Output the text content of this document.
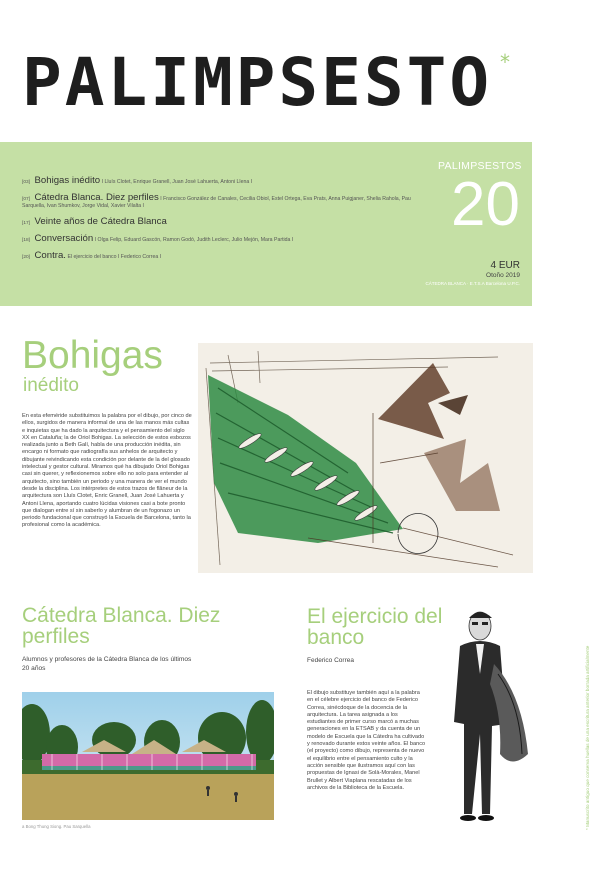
PALIMPSESTO *
[03] Bohigas inédito I Lluís Clotet, Enrique Granell, Juan José Lahuerta, Antoni Llena I
[07] Cátedra Blanca. Diez perfiles I Francisco González de Canales, Cecilia Obiol, Estel Ortega, Eva Prats, Anna Puigjaner, Shelia Rahola, Pau Sarquella, Ivan Shumkov, Jorge Vidal, Xavier Vilalta I
[17] Veinte años de Cátedra Blanca
[18] Conversación I Olga Felip, Eduard Gascón, Ramon Godó, Judith Leclerc, Julio Mejón, Mara Partida I
[20] Contra. El ejercicio del banco I Federico Correa I
PALIMPSESTOS
20
4 EUR
Otoño 2019
CÁTEDRA BLANCA · E.T.S.A Barcelona U.P.C.
Bohigas
inédito

En esta efeméride substituimos la palabra por el dibujo, por cinco de ellos, surgidos de manera informal de una de las manos más cultas e inquietas que ha dado la arquitectura y el pensamiento del siglo XX en Cataluña; la de Oriol Bohigas. La selección de estos esbozos realizada junto a Beth Galí, habla de una producción inédita, sin encargo ni formato que radiografía sus anhelos de arquitecto y dibujante reivindicando esta condición por delante de la del glosado intelectual y gestor cultural. Miramos qué ha dibujado Oriol Bohigas casi sin querer, y reflexionemos sobre ello no solo para entender al arquitecto, sino también un periodo y una manera de ver el mundo desde la disciplina. Los intérpretes de estos trazos de flâneur de la arquitectura son Lluís Clotet, Enric Granell, Juan José Lahuerta y Antoni Llena, aportando cuatro lúcidas visiones casi a bote pronto que dialogan entre sí sin saberlo y alumbran de un fogonazo un periodo fundacional que construyó la Escuela de Barcelona, tanto la profesional como la académica.

Cátedra Blanca. Diez perfiles

Alumnos y profesores de la Cátedra Blanca de los últimos 20 años

a Bong Thung Siong. Pau Sarquella
El ejercicio del banco
Federico Correa

El dibujo substituye también aquí a la palabra en el célebre ejercicio del banco de Federico Correa, sinécdoque de la docencia de la arquitectura. La tarea asignada a los estudiantes de primer curso marcó a muchas generaciones en la ETSAB y da cuenta de un modelo de Escuela que la Cátedra ha cultivado y renovado durante estos veinte años. El banco (el proyecto) como dibujo, representa de nuevo el equilibrio entre el pensamiento culto y la acción sensible que ilustramos aquí con las propuestas de Ignasi de Solà-Morales, Manel Brullet y Albert Viaplana rescatadas de los archivos de la Biblioteca de la Escuela.	* Manuscrito antiguo que conserva huellas de una escritura anterior borrada artificialmente
